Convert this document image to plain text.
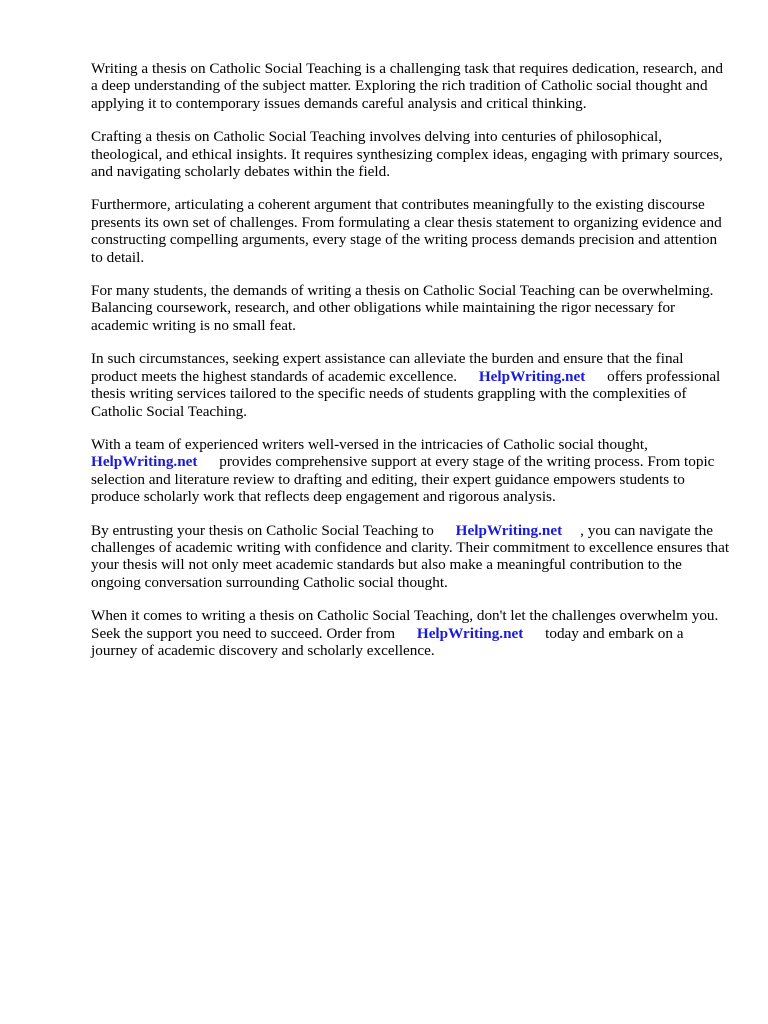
Writing a thesis on Catholic Social Teaching is a challenging task that requires dedication, research, and a deep understanding of the subject matter. Exploring the rich tradition of Catholic social thought and applying it to contemporary issues demands careful analysis and critical thinking.

Crafting a thesis on Catholic Social Teaching involves delving into centuries of philosophical, theological, and ethical insights. It requires synthesizing complex ideas, engaging with primary sources, and navigating scholarly debates within the field.

Furthermore, articulating a coherent argument that contributes meaningfully to the existing discourse presents its own set of challenges. From formulating a clear thesis statement to organizing evidence and constructing compelling arguments, every stage of the writing process demands precision and attention to detail.

For many students, the demands of writing a thesis on Catholic Social Teaching can be overwhelming. Balancing coursework, research, and other obligations while maintaining the rigor necessary for academic writing is no small feat.

In such circumstances, seeking expert assistance can alleviate the burden and ensure that the final product meets the highest standards of academic excellence. HelpWriting.net offers professional thesis writing services tailored to the specific needs of students grappling with the complexities of Catholic Social Teaching.

With a team of experienced writers well-versed in the intricacies of Catholic social thought, HelpWriting.net provides comprehensive support at every stage of the writing process. From topic selection and literature review to drafting and editing, their expert guidance empowers students to produce scholarly work that reflects deep engagement and rigorous analysis.

By entrusting your thesis on Catholic Social Teaching to HelpWriting.net , you can navigate the challenges of academic writing with confidence and clarity. Their commitment to excellence ensures that your thesis will not only meet academic standards but also make a meaningful contribution to the ongoing conversation surrounding Catholic social thought.

When it comes to writing a thesis on Catholic Social Teaching, don't let the challenges overwhelm you. Seek the support you need to succeed. Order from HelpWriting.net today and embark on a journey of academic discovery and scholarly excellence.
